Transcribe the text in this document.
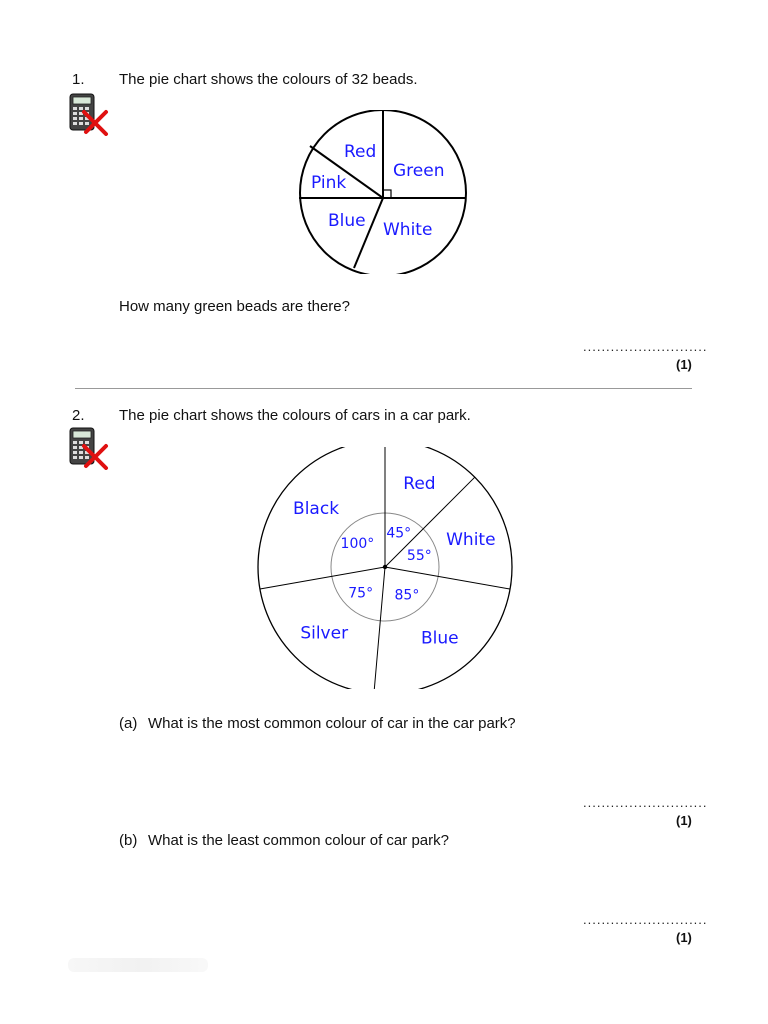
1. The pie chart shows the colours of 32 beads.
Red
Green
White
Blue
Pink
How many green beads are there?
...........................
(1)
2. The pie chart shows the colours of cars in a car park.
Red
45° White
55°
Blue
85°
Silver
75°
Black
100°
(a) What is the most common colour of car in the car park?
...........................
(1)
(b) What is the least common colour of car park?
...........................
(1)
